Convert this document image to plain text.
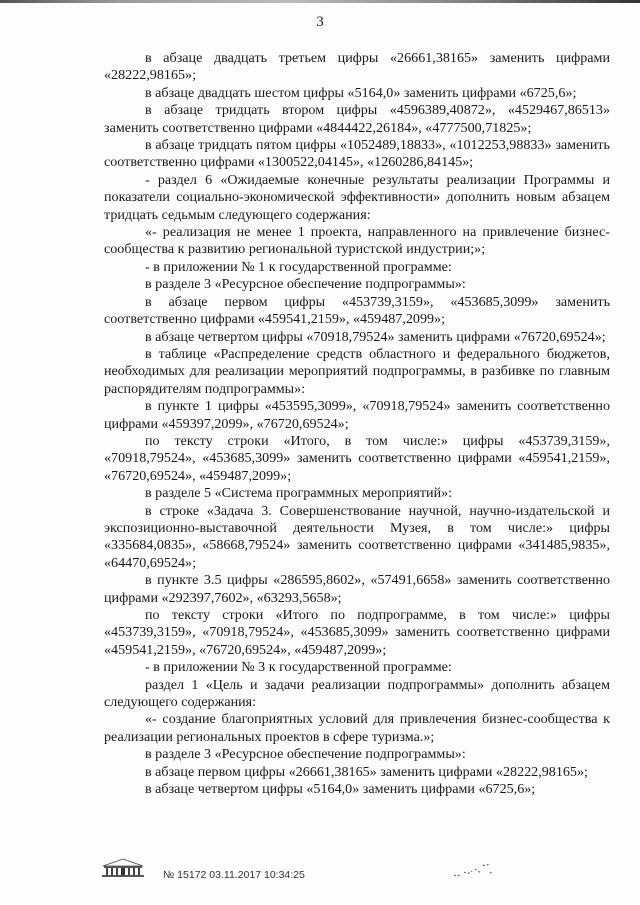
3

в абзаце двадцать третьем цифры «26661,38165» заменить цифрами «28222,98165»;

в абзаце двадцать шестом цифры «5164,0» заменить цифрами «6725,6»;

в абзаце тридцать втором цифры «4596389,40872», «4529467,86513» заменить соответственно цифрами «4844422,26184», «4777500,71825»;

в абзаце тридцать пятом цифры «1052489,18833», «1012253,98833» заменить соответственно цифрами «1300522,04145», «1260286,84145»;

- раздел 6 «Ожидаемые конечные результаты реализации Программы и показатели социально-экономической эффективности» дополнить новым абзацем тридцать седьмым следующего содержания:

«- реализация не менее 1 проекта, направленного на привлечение бизнес-сообщества к развитию региональной туристской индустрии;»;

- в приложении № 1 к государственной программе:

в разделе 3 «Ресурсное обеспечение подпрограммы»:

в абзаце первом цифры «453739,3159», «453685,3099» заменить соответственно цифрами «459541,2159», «459487,2099»;

в абзаце четвертом цифры «70918,79524» заменить цифрами «76720,69524»;

в таблице «Распределение средств областного и федерального бюджетов, необходимых для реализации мероприятий подпрограммы, в разбивке по главным распорядителям подпрограммы»:

в пункте 1 цифры «453595,3099», «70918,79524» заменить соответственно цифрами «459397,2099», «76720,69524»;

по тексту строки «Итого, в том числе:» цифры «453739,3159», «70918,79524», «453685,3099» заменить соответственно цифрами «459541,2159», «76720,69524», «459487,2099»;

в разделе 5 «Система программных мероприятий»:

в строке «Задача 3. Совершенствование научной, научно-издательской и экспозиционно-выставочной деятельности Музея, в том числе:» цифры «335684,0835», «58668,79524» заменить соответственно цифрами «341485,9835», «64470,69524»;

в пункте 3.5 цифры «286595,8602», «57491,6658» заменить соответственно цифрами «292397,7602», «63293,5658»;

по тексту строки «Итого по подпрограмме, в том числе:» цифры «453739,3159», «70918,79524», «453685,3099» заменить соответственно цифрами «459541,2159», «76720,69524», «459487,2099»;

- в приложении № 3 к государственной программе:

раздел 1 «Цель и задачи реализации подпрограммы» дополнить абзацем следующего содержания:

«- создание благоприятных условий для привлечения бизнес-сообщества к реализации региональных проектов в сфере туризма.»;

в разделе 3 «Ресурсное обеспечение подпрограммы»:

в абзаце первом цифры «26661,38165» заменить цифрами «28222,98165»;

в абзаце четвертом цифры «5164,0» заменить цифрами «6725,6»;

№ 15172 03.11.2017 10:34:25
